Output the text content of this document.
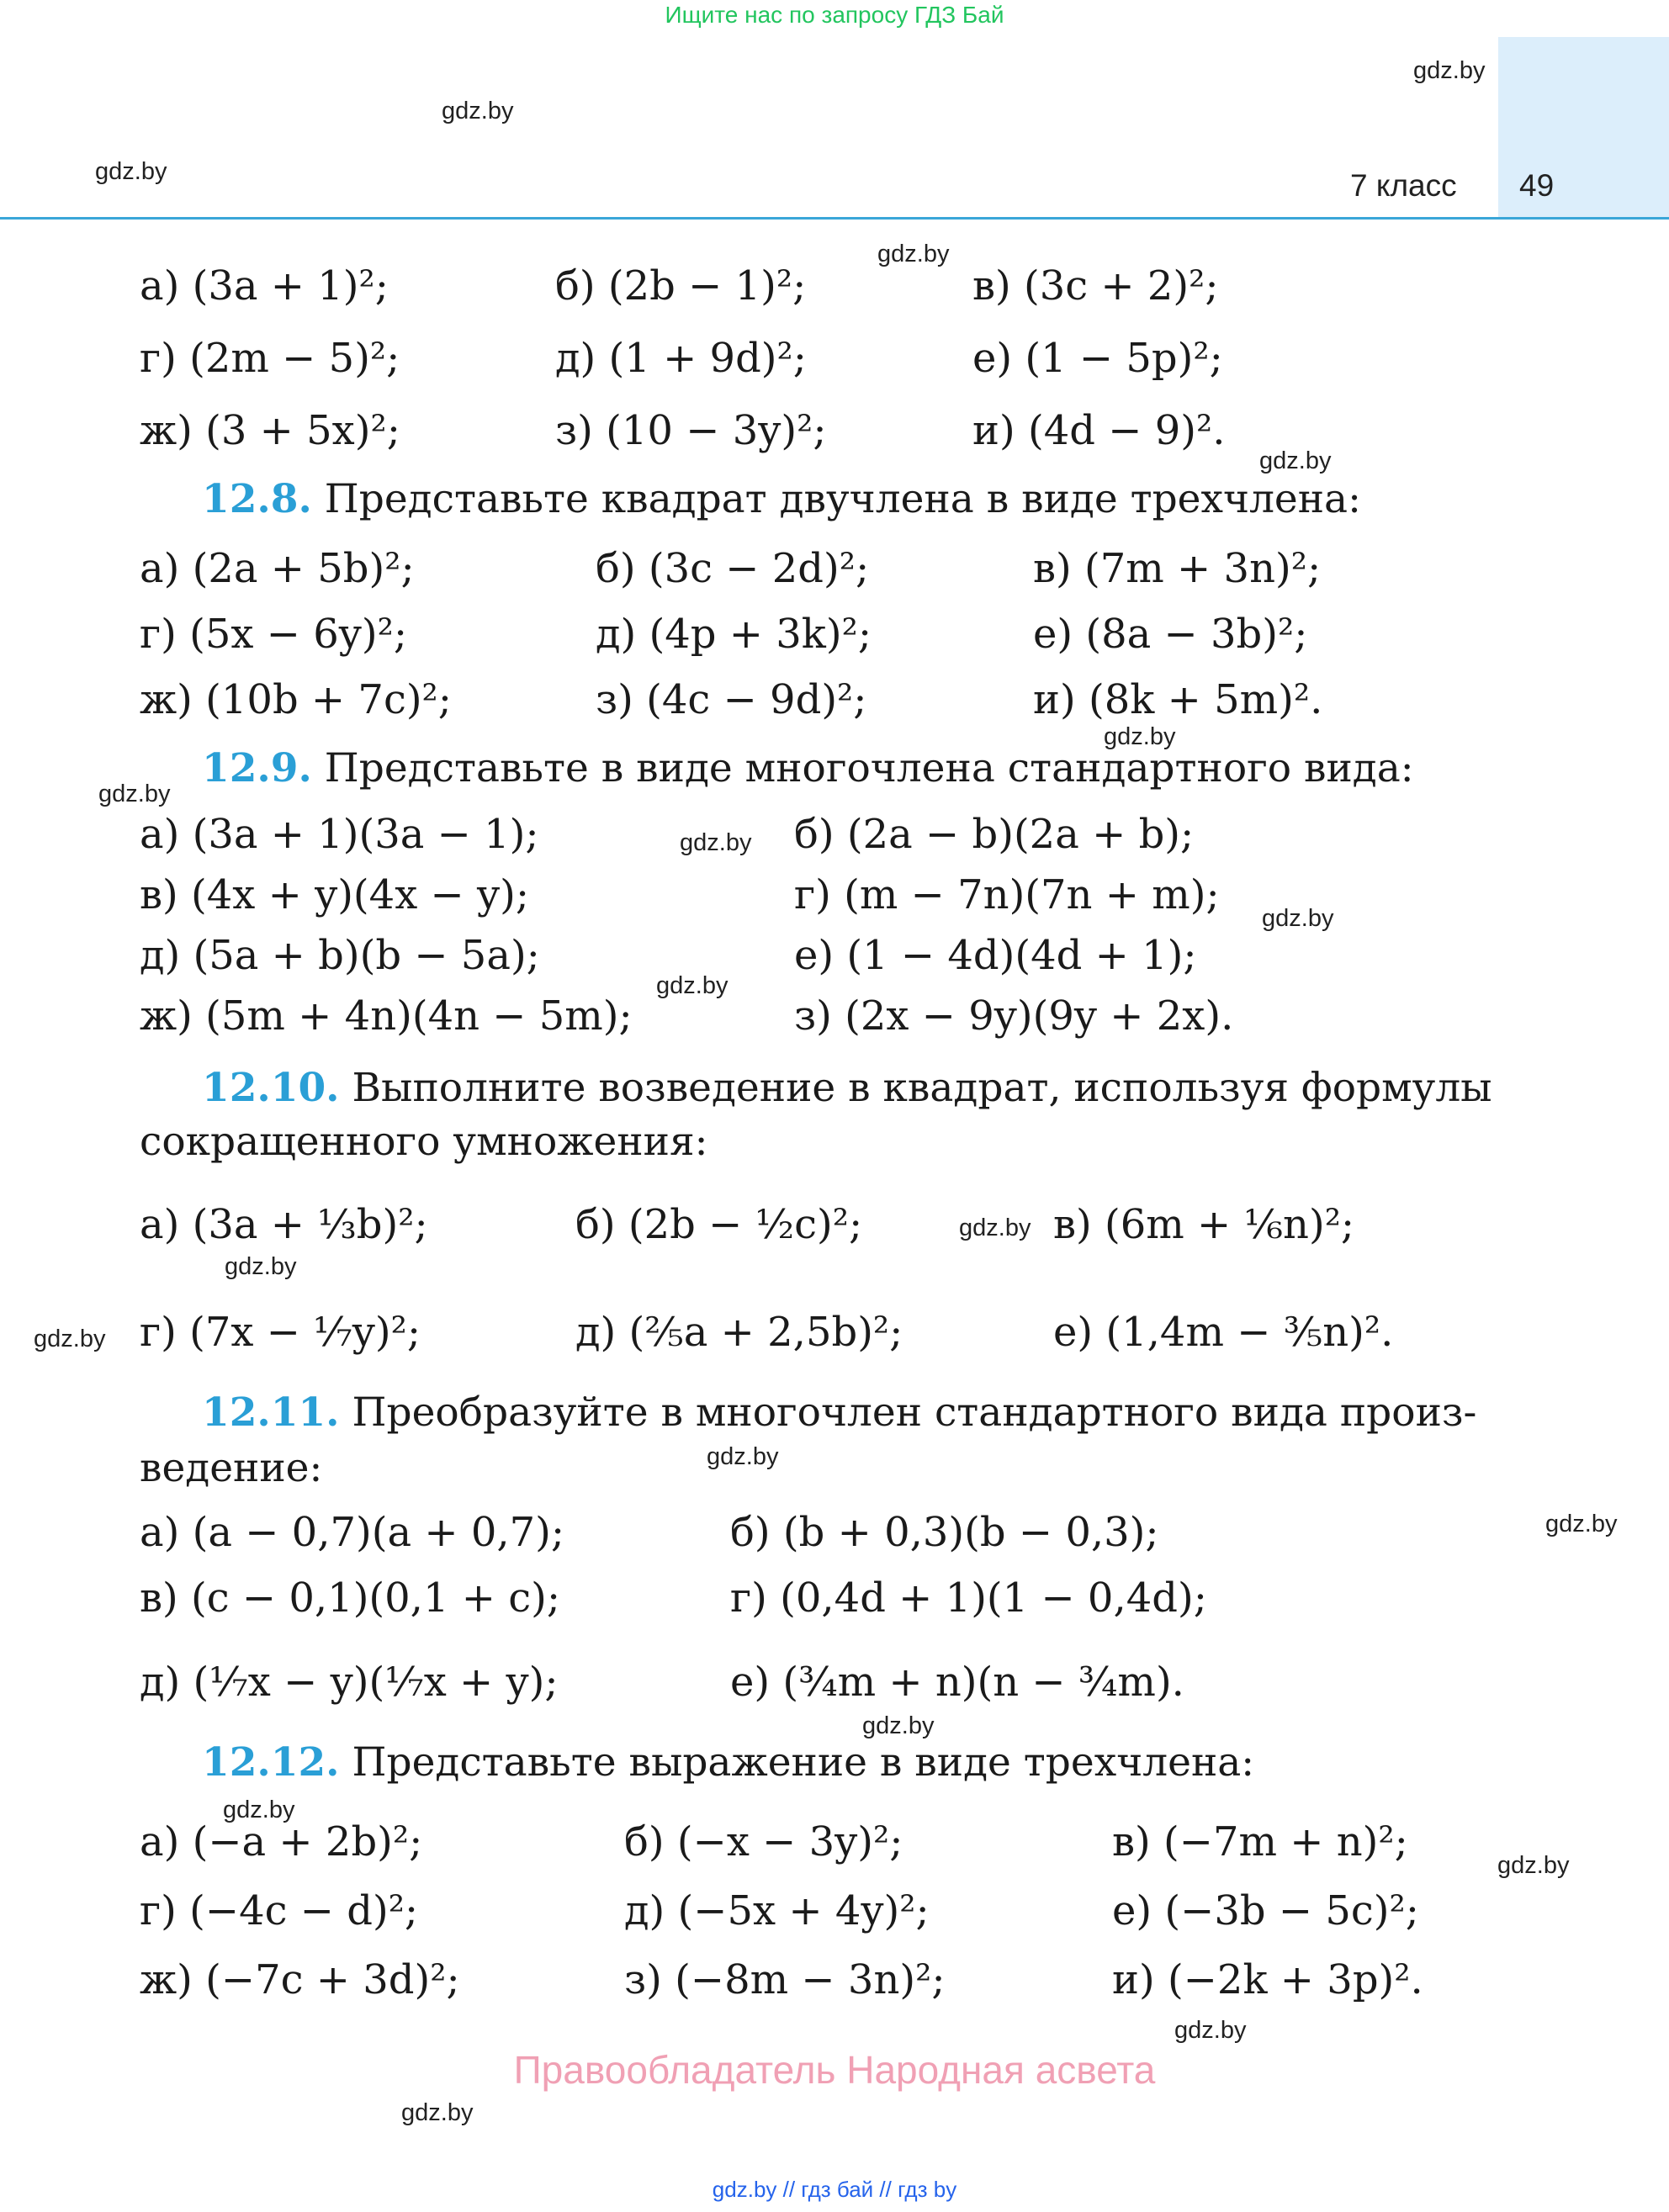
Ищите нас по запросу ГДЗ Бай
7 класс 49
gdz.by
gdz.by
gdz.by
gdz.by
gdz.by
gdz.by
gdz.by
gdz.by
gdz.by
gdz.by
gdz.by
gdz.by
gdz.by
gdz.by
gdz.by
gdz.by
gdz.by
gdz.by
gdz.by
gdz.by
а) (3a + 1)²;	б) (2b − 1)²;	в) (3c + 2)²;
г) (2m − 5)²;	д) (1 + 9d)²;	е) (1 − 5p)²;
ж) (3 + 5x)²;	з) (10 − 3y)²;	и) (4d − 9)².
12.8. Представьте квадрат двучлена в виде трехчлена:
а) (2a + 5b)²;	б) (3c − 2d)²;	в) (7m + 3n)²;
г) (5x − 6y)²;	д) (4p + 3k)²;	е) (8a − 3b)²;
ж) (10b + 7c)²;	з) (4c − 9d)²;	и) (8k + 5m)².
12.9. Представьте в виде многочлена стандартного вида:
а) (3a + 1)(3a − 1);	б) (2a − b)(2a + b);
в) (4x + y)(4x − y);	г) (m − 7n)(7n + m);
д) (5a + b)(b − 5a);	е) (1 − 4d)(4d + 1);
ж) (5m + 4n)(4n − 5m);	з) (2x − 9y)(9y + 2x).
12.10. Выполните возведение в квадрат, используя формулы
сокращенного умножения:
а) (3a + ⅓b)²;	б) (2b − ½c)²;	в) (6m + ⅙n)²;
г) (7x − ⅐y)²;	д) (⅖a + 2,5b)²;	е) (1,4m − ⅗n)².
12.11. Преобразуйте в многочлен стандартного вида произ-
ведение:
а) (a − 0,7)(a + 0,7);	б) (b + 0,3)(b − 0,3);
в) (c − 0,1)(0,1 + c);	г) (0,4d + 1)(1 − 0,4d);
д) (⅐x − y)(⅐x + y);	е) (¾m + n)(n − ¾m).
12.12. Представьте выражение в виде трехчлена:
а) (−a + 2b)²;	б) (−x − 3y)²;	в) (−7m + n)²;
г) (−4c − d)²;	д) (−5x + 4y)²;	е) (−3b − 5c)²;
ж) (−7c + 3d)²;	з) (−8m − 3n)²;	и) (−2k + 3p)².
Правообладатель Народная асвета
gdz.by // гдз бай // гдз by
